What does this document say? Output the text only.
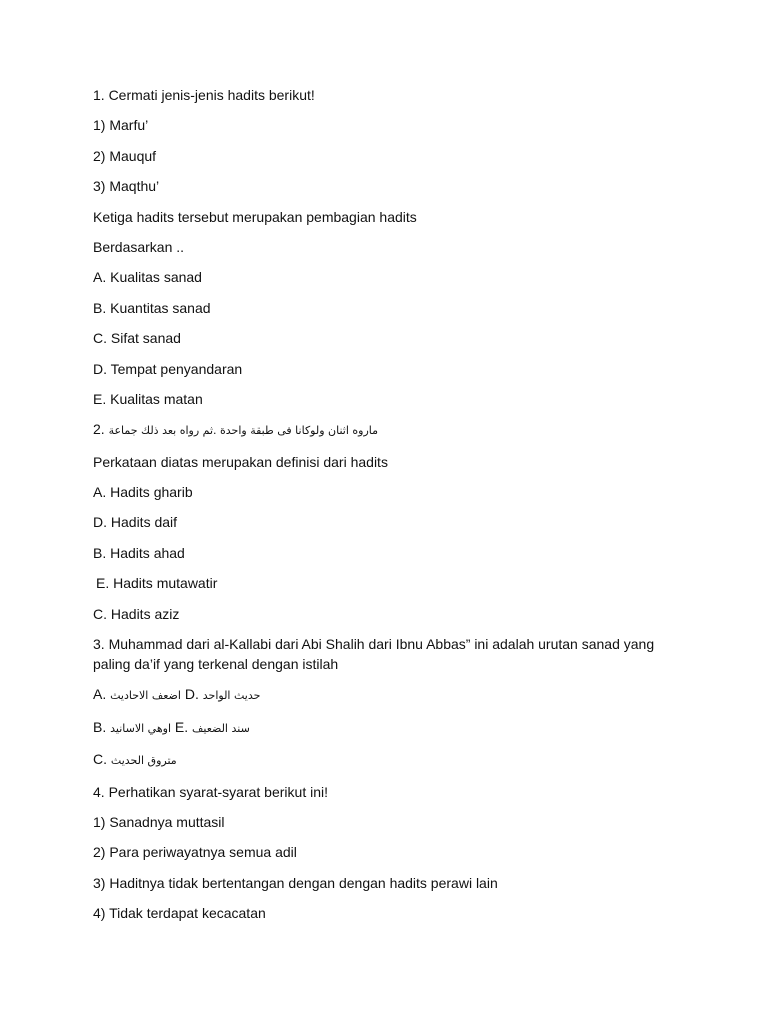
1. Cermati jenis-jenis hadits berikut!
1) Marfu’
2) Mauquf
3) Maqthu’
Ketiga hadits tersebut merupakan pembagian hadits
Berdasarkan ..
A. Kualitas sanad
B. Kuantitas sanad
C. Sifat sanad
D. Tempat penyandaran
E. Kualitas matan
2. ماروه اثنان ولوكانا فى طبقة واحدة .ثم رواه بعد ذلك جماعة
Perkataan diatas merupakan definisi dari hadits
A. Hadits gharib
D. Hadits daif
B. Hadits ahad
E. Hadits mutawatir
C. Hadits aziz
3. Muhammad dari al-Kallabi dari Abi Shalih dari Ibnu Abbas” ini adalah urutan sanad yang paling da’if yang terkenal dengan istilah
A. اضعف الاحاديث D. حديث الواحد
B. اوهي الاسانيد E. سند الضعيف
C. متروق الحديث
4. Perhatikan syarat-syarat berikut ini!
1) Sanadnya muttasil
2) Para periwayatnya semua adil
3) Haditnya tidak bertentangan dengan dengan hadits perawi lain
4) Tidak terdapat kecacatan
